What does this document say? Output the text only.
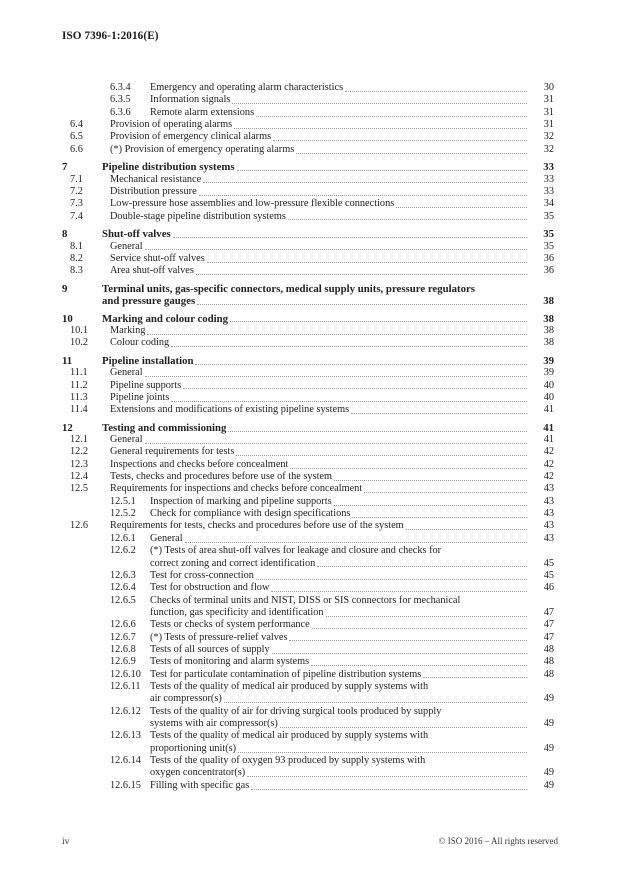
ISO 7396-1:2016(E)
6.3.4	Emergency and operating alarm characteristics	30
6.3.5	Information signals	31
6.3.6	Remote alarm extensions	31
6.4	Provision of operating alarms	31
6.5	Provision of emergency clinical alarms	32
6.6	(*) Provision of emergency operating alarms	32
7	Pipeline distribution systems	33
7.1	Mechanical resistance	33
7.2	Distribution pressure	33
7.3	Low-pressure hose assemblies and low-pressure flexible connections	34
7.4	Double-stage pipeline distribution systems	35
8	Shut-off valves	35
8.1	General	35
8.2	Service shut-off valves	36
8.3	Area shut-off valves	36
9	Terminal units, gas-specific connectors, medical supply units, pressure regulators
and pressure gauges	38
10	Marking and colour coding	38
10.1	Marking	38
10.2	Colour coding	38
11	Pipeline installation	39
11.1	General	39
11.2	Pipeline supports	40
11.3	Pipeline joints	40
11.4	Extensions and modifications of existing pipeline systems	41
12	Testing and commissioning	41
12.1	General	41
12.2	General requirements for tests	42
12.3	Inspections and checks before concealment	42
12.4	Tests, checks and procedures before use of the system	42
12.5	Requirements for inspections and checks before concealment	43
12.5.1	Inspection of marking and pipeline supports	43
12.5.2	Check for compliance with design specifications	43
12.6	Requirements for tests, checks and procedures before use of the system	43
12.6.1	General	43
12.6.2	(*) Tests of area shut-off valves for leakage and closure and checks for
correct zoning and correct identification	45
12.6.3	Test for cross-connection	45
12.6.4	Test for obstruction and flow	46
12.6.5	Checks of terminal units and NIST, DISS or SIS connectors for mechanical
function, gas specificity and identification	47
12.6.6	Tests or checks of system performance	47
12.6.7	(*) Tests of pressure-relief valves	47
12.6.8	Tests of all sources of supply	48
12.6.9	Tests of monitoring and alarm systems	48
12.6.10 Test for particulate contamination of pipeline distribution systems	48
12.6.11 Tests of the quality of medical air produced by supply systems with
air compressor(s)	49
12.6.12 Tests of the quality of air for driving surgical tools produced by supply
systems with air compressor(s)	49
12.6.13 Tests of the quality of medical air produced by supply systems with
proportioning unit(s)	49
12.6.14 Tests of the quality of oxygen 93 produced by supply systems with
oxygen concentrator(s)	49
12.6.15 Filling with specific gas	49
iv	© ISO 2016 – All rights reserved
